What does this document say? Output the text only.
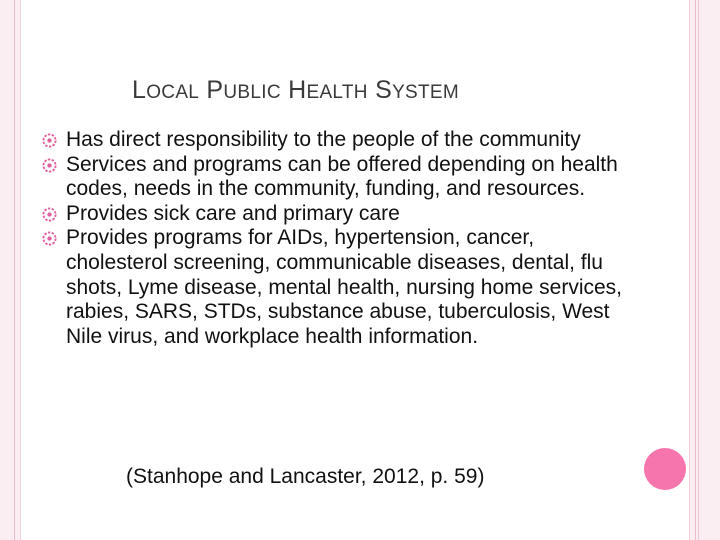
LOCAL PUBLIC HEALTH SYSTEM
Has direct responsibility to the people of the community
Services and programs can be offered depending on health codes, needs in the community, funding, and resources.
Provides sick care and primary care
Provides programs for AIDs, hypertension, cancer, cholesterol screening, communicable diseases, dental, flu shots, Lyme disease, mental health, nursing home services, rabies, SARS, STDs, substance abuse, tuberculosis, West Nile virus, and workplace health information.
(Stanhope and Lancaster, 2012, p. 59)
